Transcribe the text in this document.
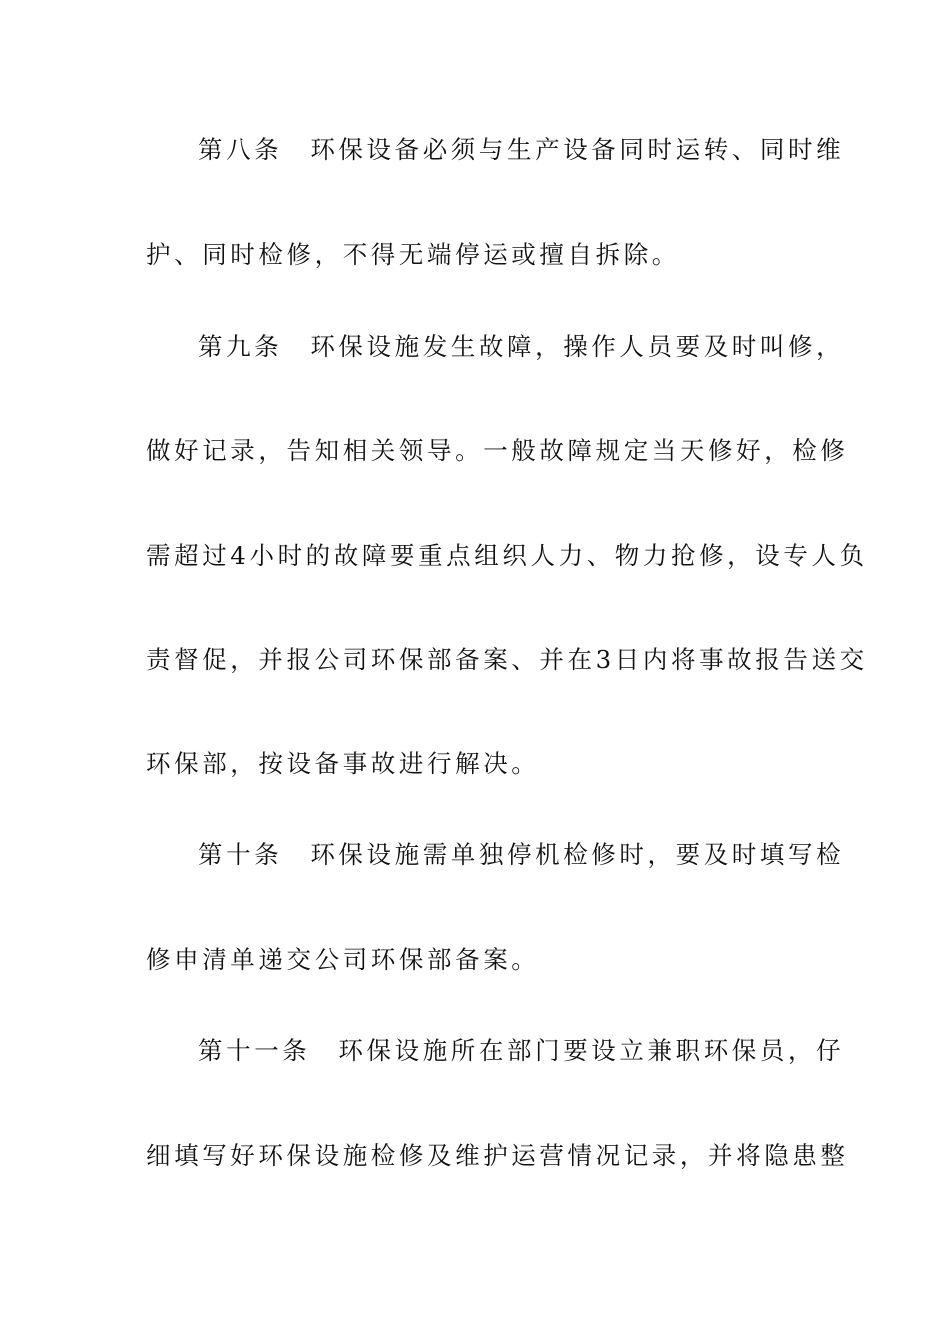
第八条 环保设备必须与生产设备同时运转、同时维
护、同时检修，不得无端停运或擅自拆除。
第九条 环保设施发生故障，操作人员要及时叫修，
做好记录，告知相关领导。一般故障规定当天修好，检修
需超过4小时的故障要重点组织人力、物力抢修，设专人负
责督促，并报公司环保部备案、并在3日内将事故报告送交
环保部，按设备事故进行解决。
第十条 环保设施需单独停机检修时，要及时填写检
修申清单递交公司环保部备案。
第十一条 环保设施所在部门要设立兼职环保员，仔
细填写好环保设施检修及维护运营情况记录，并将隐患整
